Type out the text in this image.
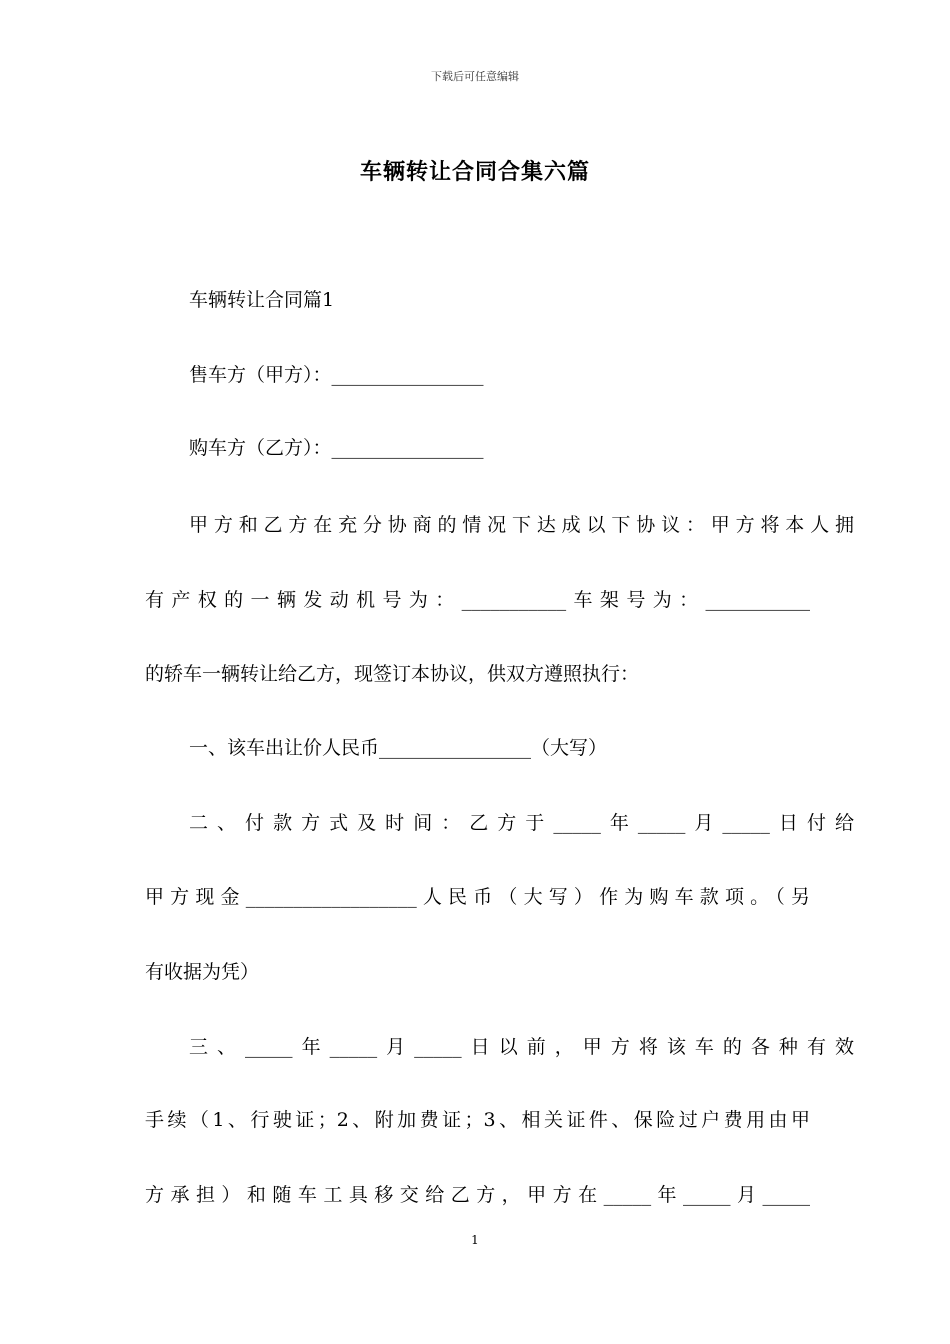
下载后可任意编辑
车辆转让合同合集六篇
车辆转让合同篇1
售车方（甲方）：________________
购车方（乙方）：________________
甲方和乙方在充分协商的情况下达成以下协议：甲方将本人拥
有产权的一辆发动机号为：___________车架号为：___________
的轿车一辆转让给乙方，现签订本协议，供双方遵照执行：
一、该车出让价人民币________________（大写）
二、付款方式及时间：乙方于_____年_____月_____日付给
甲方现金__________________人民币（大写）作为购车款项。（另
有收据为凭）
三、_____年_____月_____日以前，甲方将该车的各种有效
手续（1、行驶证；2、附加费证；3、相关证件、保险过户费用由甲
方承担）和随车工具移交给乙方，甲方在_____年_____月_____
1
